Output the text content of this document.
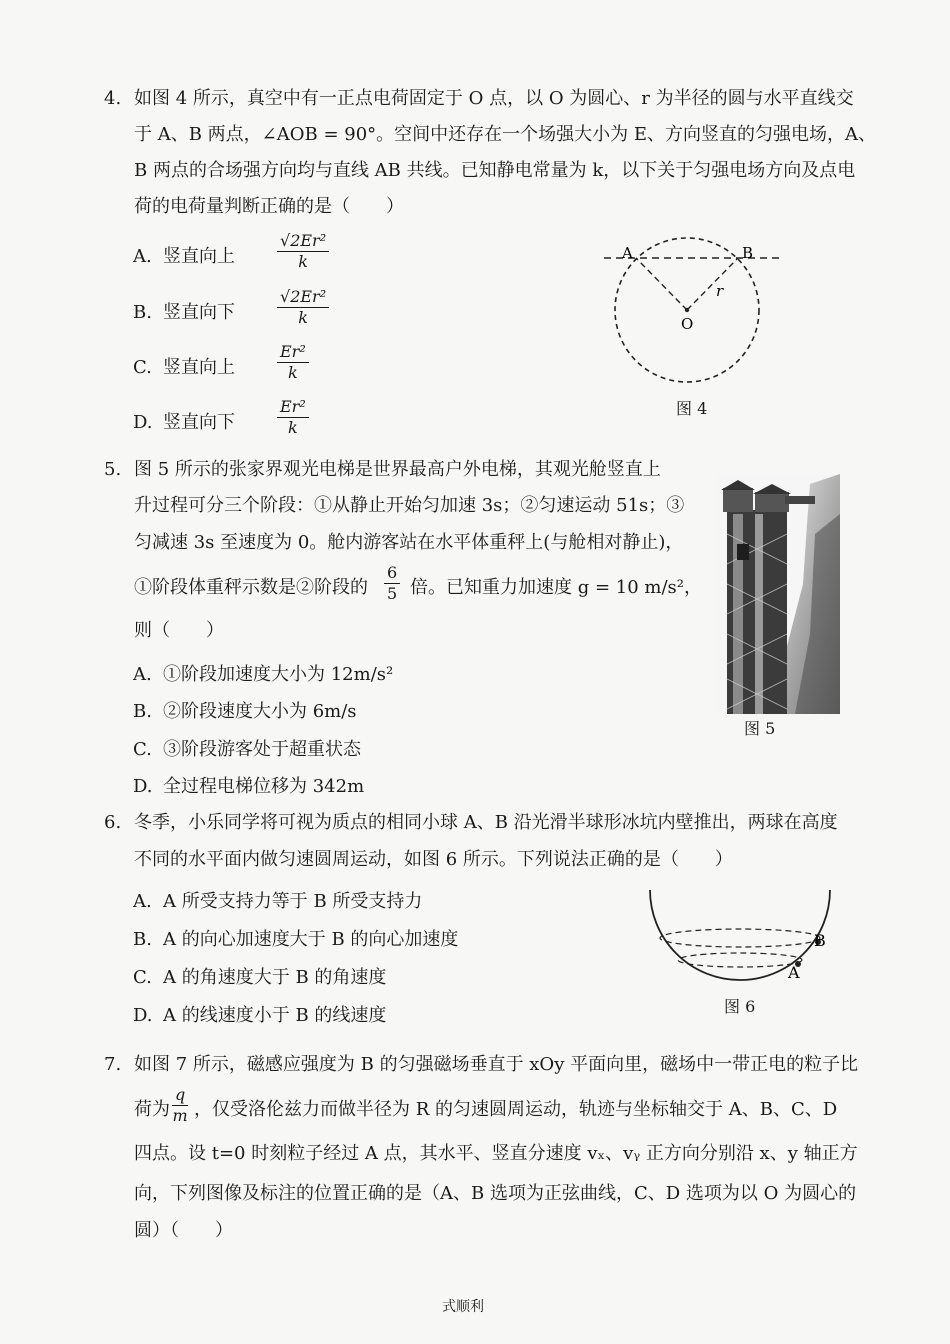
4. 如图 4 所示，真空中有一正点电荷固定于 O 点，以 O 为圆心、r 为半径的圆与水平直线交
于 A、B 两点，∠AOB = 90°。空间中还存在一个场强大小为 E、方向竖直的匀强电场，A、
B 两点的合场强方向均与直线 AB 共线。已知静电常量为 k，以下关于匀强电场方向及点电
荷的电荷量判断正确的是（　　）
A. 竖直向上	$\frac{\text{√2Er²}}{k}$
B. 竖直向下	$\frac{\text{√2Er²}}{k}$
C. 竖直向上	$\frac{\text{Er²}}{k}$
D. 竖直向下	$\frac{\text{Er²}}{k}$
A	B
O
r
图 4
5. 图 5 所示的张家界观光电梯是世界最高户外电梯，其观光舱竖直上
升过程可分三个阶段：①从静止开始匀加速 3s；②匀速运动 51s；③
匀减速 3s 至速度为 0。舱内游客站在水平体重秤上(与舱相对静止)，
①阶段体重秤示数是②阶段的 $\frac{6}{5}$ 倍。已知重力加速度 g = 10 m/s²，
则（　　）
A. ①阶段加速度大小为 12m/s²
B. ②阶段速度大小为 6m/s
C. ③阶段游客处于超重状态
D. 全过程电梯位移为 342m
图 5
6. 冬季，小乐同学将可视为质点的相同小球 A、B 沿光滑半球形冰坑内壁推出，两球在高度
不同的水平面内做匀速圆周运动，如图 6 所示。下列说法正确的是（　　）
A. A 所受支持力等于 B 所受支持力
B. A 的向心加速度大于 B 的向心加速度
C. A 的角速度大于 B 的角速度
D. A 的线速度小于 B 的线速度
B
A
图 6
7. 如图 7 所示，磁感应强度为 B 的匀强磁场垂直于 xOy 平面向里，磁场中一带正电的粒子比
荷为 $\frac{q}{m}$ ，仅受洛伦兹力而做半径为 R 的匀速圆周运动，轨迹与坐标轴交于 A、B、C、D
四点。设 t=0 时刻粒子经过 A 点，其水平、竖直分速度 vₓ、vᵧ 正方向分别沿 x、y 轴正方
向，下列图像及标注的位置正确的是（A、B 选项为正弦曲线，C、D 选项为以 O 为圆心的
圆）（　　）
式顺利
